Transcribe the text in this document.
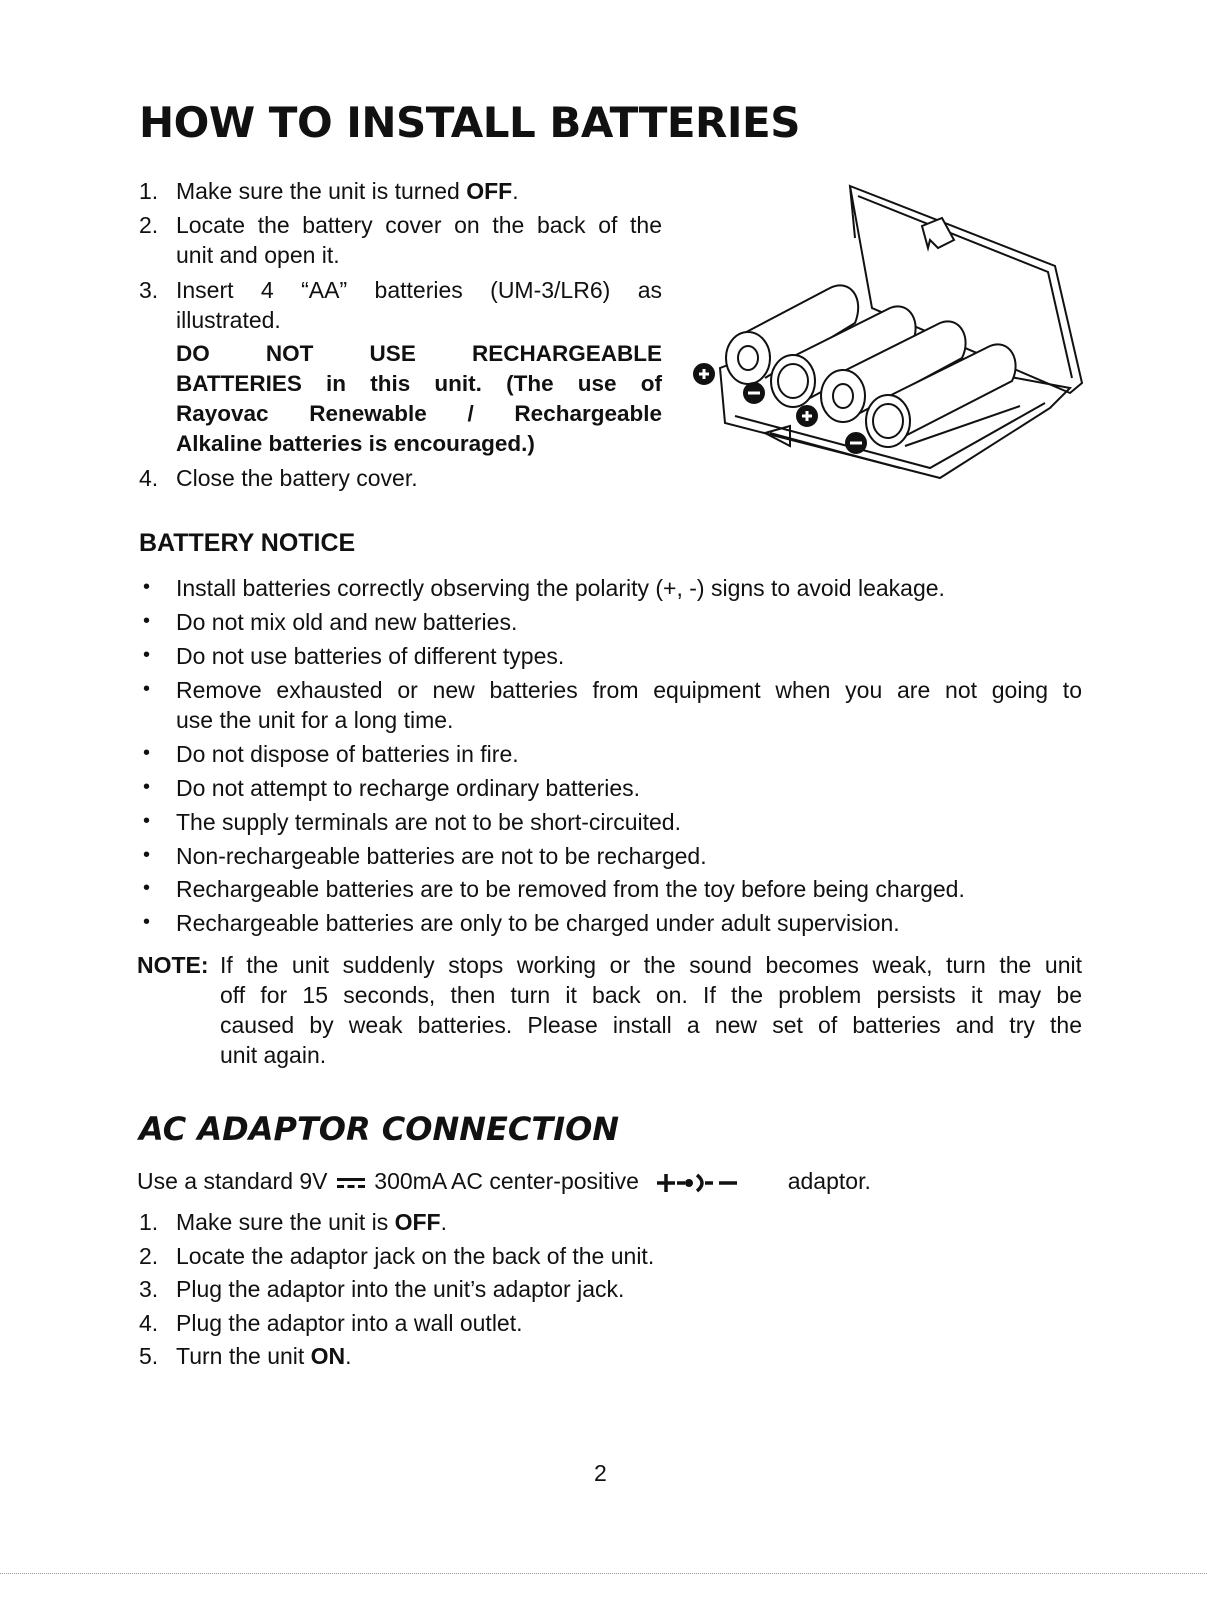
HOW TO INSTALL BATTERIES
1. Make sure the unit is turned OFF.
2. Locate the battery cover on the back of the
unit and open it.
3. Insert 4 “AA” batteries (UM-3/LR6) as
illustrated.
DO NOT USE RECHARGEABLE
BATTERIES in this unit. (The use of
Rayovac Renewable / Rechargeable
Alkaline batteries is encouraged.)
4. Close the battery cover.
BATTERY NOTICE
• Install batteries correctly observing the polarity (+, -) signs to avoid leakage.
• Do not mix old and new batteries.
• Do not use batteries of different types.
• Remove exhausted or new batteries from equipment when you are not going to
use the unit for a long time.
• Do not dispose of batteries in fire.
• Do not attempt to recharge ordinary batteries.
• The supply terminals are not to be short-circuited.
• Non-rechargeable batteries are not to be recharged.
• Rechargeable batteries are to be removed from the toy before being charged.
• Rechargeable batteries are only to be charged under adult supervision.
NOTE: If the unit suddenly stops working or the sound becomes weak, turn the unit
off for 15 seconds, then turn it back on. If the problem persists it may be
caused by weak batteries. Please install a new set of batteries and try the
unit again.
AC ADAPTOR CONNECTION
Use a standard 9V 300mA AC center-positive	adaptor.
1. Make sure the unit is OFF.
2. Locate the adaptor jack on the back of the unit.
3. Plug the adaptor into the unit’s adaptor jack.
4. Plug the adaptor into a wall outlet.
5. Turn the unit ON.
2
